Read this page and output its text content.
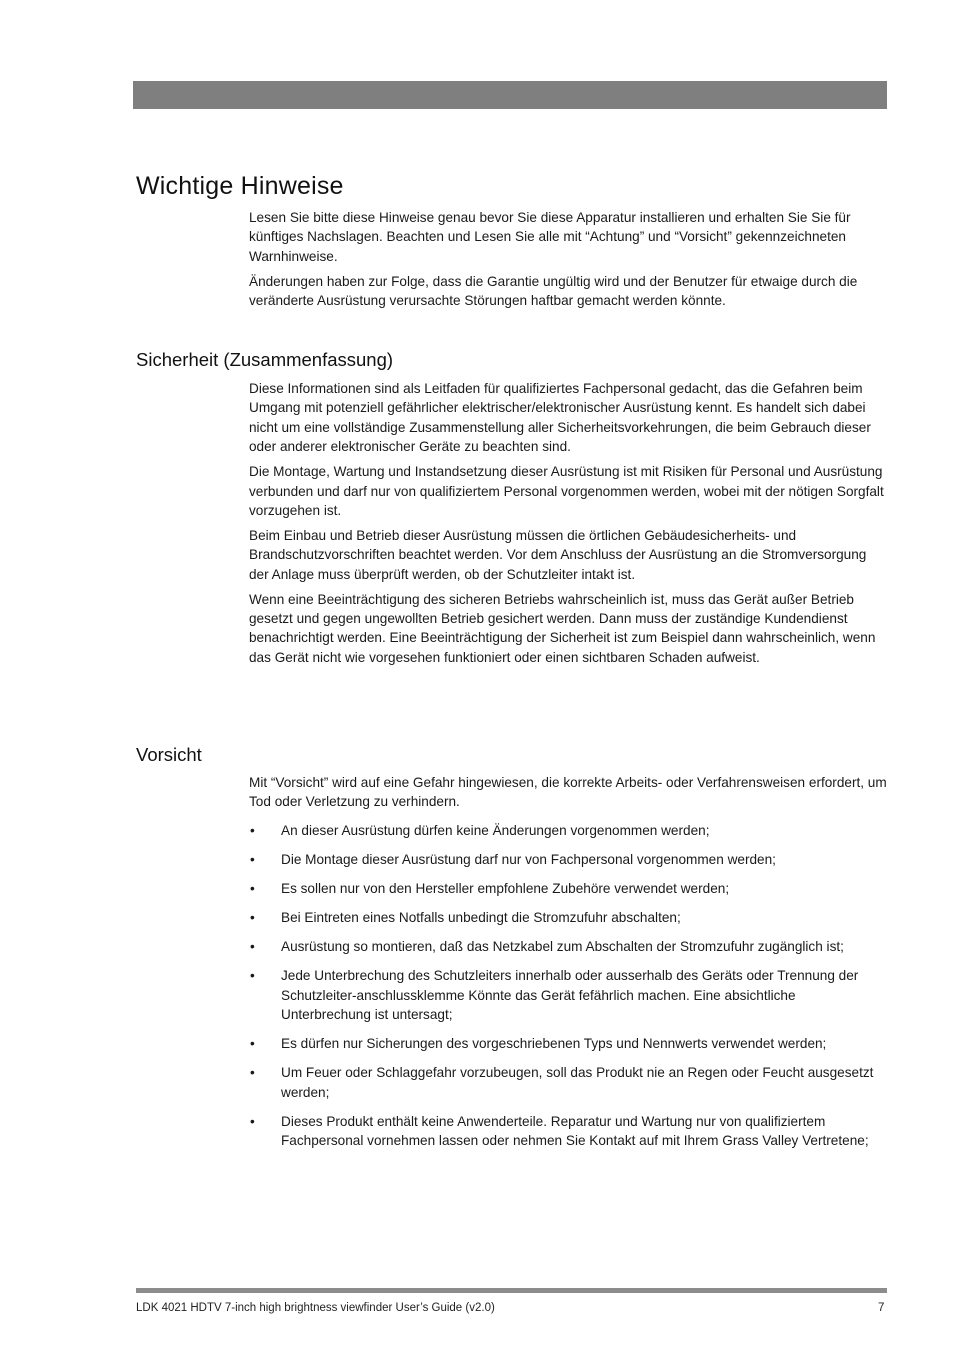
Wichtige Hinweise

Lesen Sie bitte diese Hinweise genau bevor Sie diese Apparatur installieren und erhalten Sie Sie für künftiges Nachslagen. Beachten und Lesen Sie alle mit “Achtung” und “Vorsicht” gekennzeichneten Warnhinweise.

Änderungen haben zur Folge, dass die Garantie ungültig wird und der Benutzer für etwaige durch die veränderte Ausrüstung verursachte Störungen haftbar gemacht werden könnte.

Sicherheit (Zusammenfassung)

Diese Informationen sind als Leitfaden für qualifiziertes Fachpersonal gedacht, das die Gefahren beim Umgang mit potenziell gefährlicher elektrischer/elektronischer Ausrüstung kennt. Es handelt sich dabei nicht um eine vollständige Zusammenstellung aller Sicherheitsvorkehrungen, die beim Gebrauch dieser oder anderer elektronischer Geräte zu beachten sind.

Die Montage, Wartung und Instandsetzung dieser Ausrüstung ist mit Risiken für Personal und Ausrüstung verbunden und darf nur von qualifiziertem Personal vorgenommen werden, wobei mit der nötigen Sorgfalt vorzugehen ist.

Beim Einbau und Betrieb dieser Ausrüstung müssen die örtlichen Gebäudesicherheits- und Brandschutzvorschriften beachtet werden. Vor dem Anschluss der Ausrüstung an die Stromversorgung der Anlage muss überprüft werden, ob der Schutzleiter intakt ist.

Wenn eine Beeinträchtigung des sicheren Betriebs wahrscheinlich ist, muss das Gerät außer Betrieb gesetzt und gegen ungewollten Betrieb gesichert werden. Dann muss der zuständige Kundendienst benachrichtigt werden. Eine Beeinträchtigung der Sicherheit ist zum Beispiel dann wahrscheinlich, wenn das Gerät nicht wie vorgesehen funktioniert oder einen sichtbaren Schaden aufweist.

Vorsicht

Mit “Vorsicht” wird auf eine Gefahr hingewiesen, die korrekte Arbeits- oder Verfahrensweisen erfordert, um Tod oder Verletzung zu verhindern.

• An dieser Ausrüstung dürfen keine Änderungen vorgenommen werden;
• Die Montage dieser Ausrüstung darf nur von Fachpersonal vorgenommen werden;
• Es sollen nur von den Hersteller empfohlene Zubehöre verwendet werden;
• Bei Eintreten eines Notfalls unbedingt die Stromzufuhr abschalten;
• Ausrüstung so montieren, daß das Netzkabel zum Abschalten der Stromzufuhr zugänglich ist;
• Jede Unterbrechung des Schutzleiters innerhalb oder ausserhalb des Geräts oder Trennung der Schutzleiter-anschlussklemme Könnte das Gerät fefährlich machen. Eine absichtliche Unterbrechung ist untersagt;
• Es dürfen nur Sicherungen des vorgeschriebenen Typs und Nennwerts verwendet werden;
• Um Feuer oder Schlaggefahr vorzubeugen, soll das Produkt nie an Regen oder Feucht ausgesetzt werden;
• Dieses Produkt enthält keine Anwenderteile. Reparatur und Wartung nur von qualifiziertem Fachpersonal vornehmen lassen oder nehmen Sie Kontakt auf mit Ihrem Grass Valley Vertretene;
LDK 4021 HDTV 7-inch high brightness viewfinder User’s Guide (v2.0)	7
